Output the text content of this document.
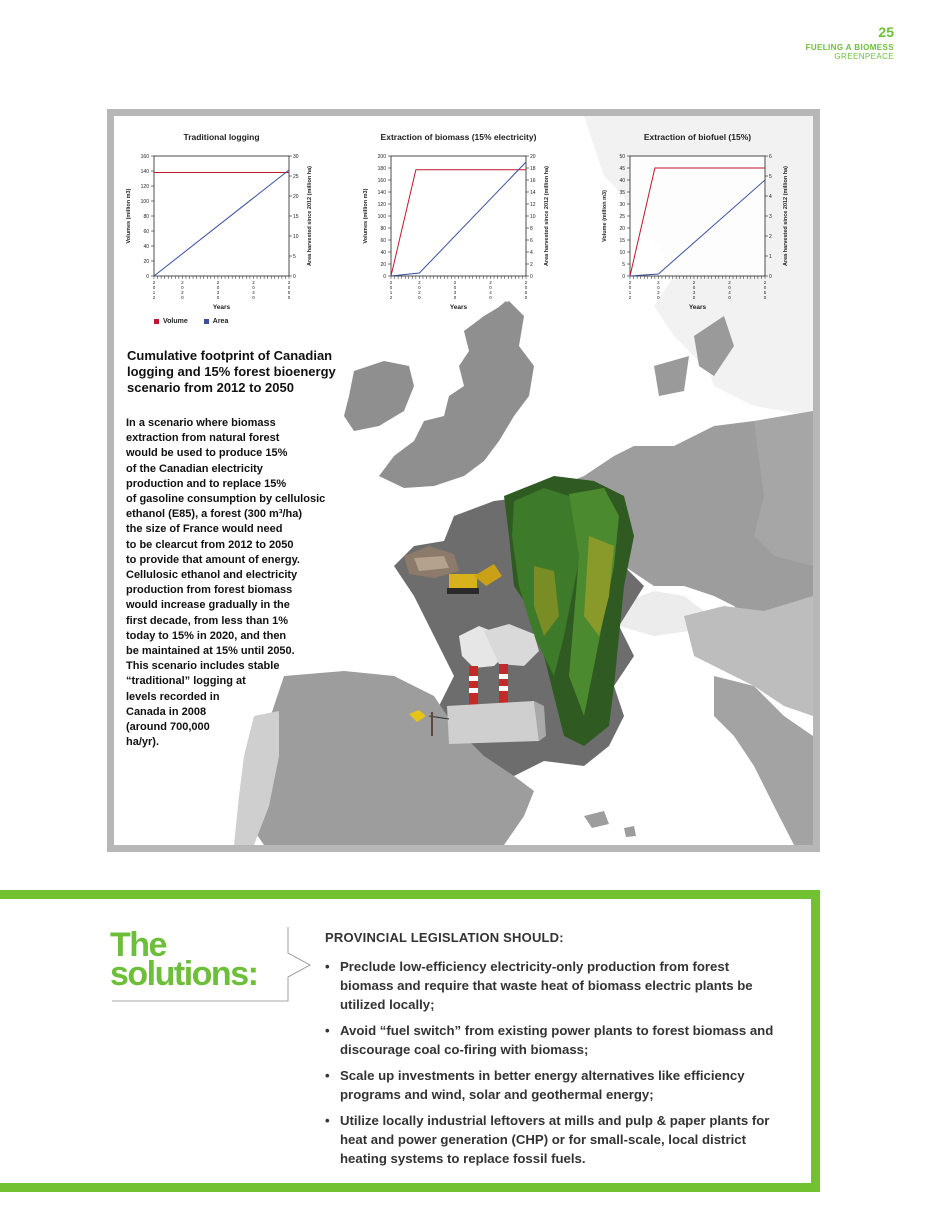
25
FUELING A BIOMESS
GREENPEACE
Traditional logging
0
20
40
60
80
100
120
140
160
0
5
10
15
20
25
30
2 0 1 2
2 0 2 0
2 0 3 0
2 0 4 0
2 0 5 0
Years
Volumes (million m3)	Area harvested since 2012 (million ha)
Extraction of biomass (15% electricity)
0
20
40
60
80
100
120
140
160
180
200
0
2
4
6
8
10
12
14
16
18
20
2 0 1 2
2 0 2 0
2 0 3 0
2 0 4 0
2 0 5 0
Years
Volumes (million m3)	Area harvested since 2012 (million ha)
Extraction of biofuel (15%)
0
5
10
15
20
25
30
35
40
45
50
0
1
2
3
4
5
6
2 0 1 2
2 0 2 0
2 0 3 0
2 0 4 0
2 0 5 0
Years
Volume (million m3)	Area harvested since 2012 (million ha)
Volume	Area
Cumulative footprint of Canadian logging and 15% forest bioenergy scenario from 2012 to 2050
In a scenario where biomass
extraction from natural forest
would be used to produce 15%
of the Canadian electricity
production and to replace 15%
of gasoline consumption by cellulosic
ethanol (E85), a forest (300 m³/ha)
the size of France would need
to be clearcut from 2012 to 2050
to provide that amount of energy.
Cellulosic ethanol and electricity
production from forest biomass
would increase gradually in the
first decade, from less than 1%
today to 15% in 2020, and then
be maintained at 15% until 2050.
This scenario includes stable
“traditional” logging at
levels recorded in
Canada in 2008
(around 700,000
ha/yr).
The
solutions:
PROVINCIAL LEGISLATION SHOULD:
• Preclude low-efficiency electricity-only production from forest biomass and require that waste heat of biomass electric plants be utilized locally;
• Avoid “fuel switch” from existing power plants to forest biomass and discourage coal co-firing with biomass;
• Scale up investments in better energy alternatives like efficiency programs and wind, solar and geothermal energy;
• Utilize locally industrial leftovers at mills and pulp & paper plants for heat and power generation (CHP) or for small-scale, local district heating systems to replace fossil fuels.
